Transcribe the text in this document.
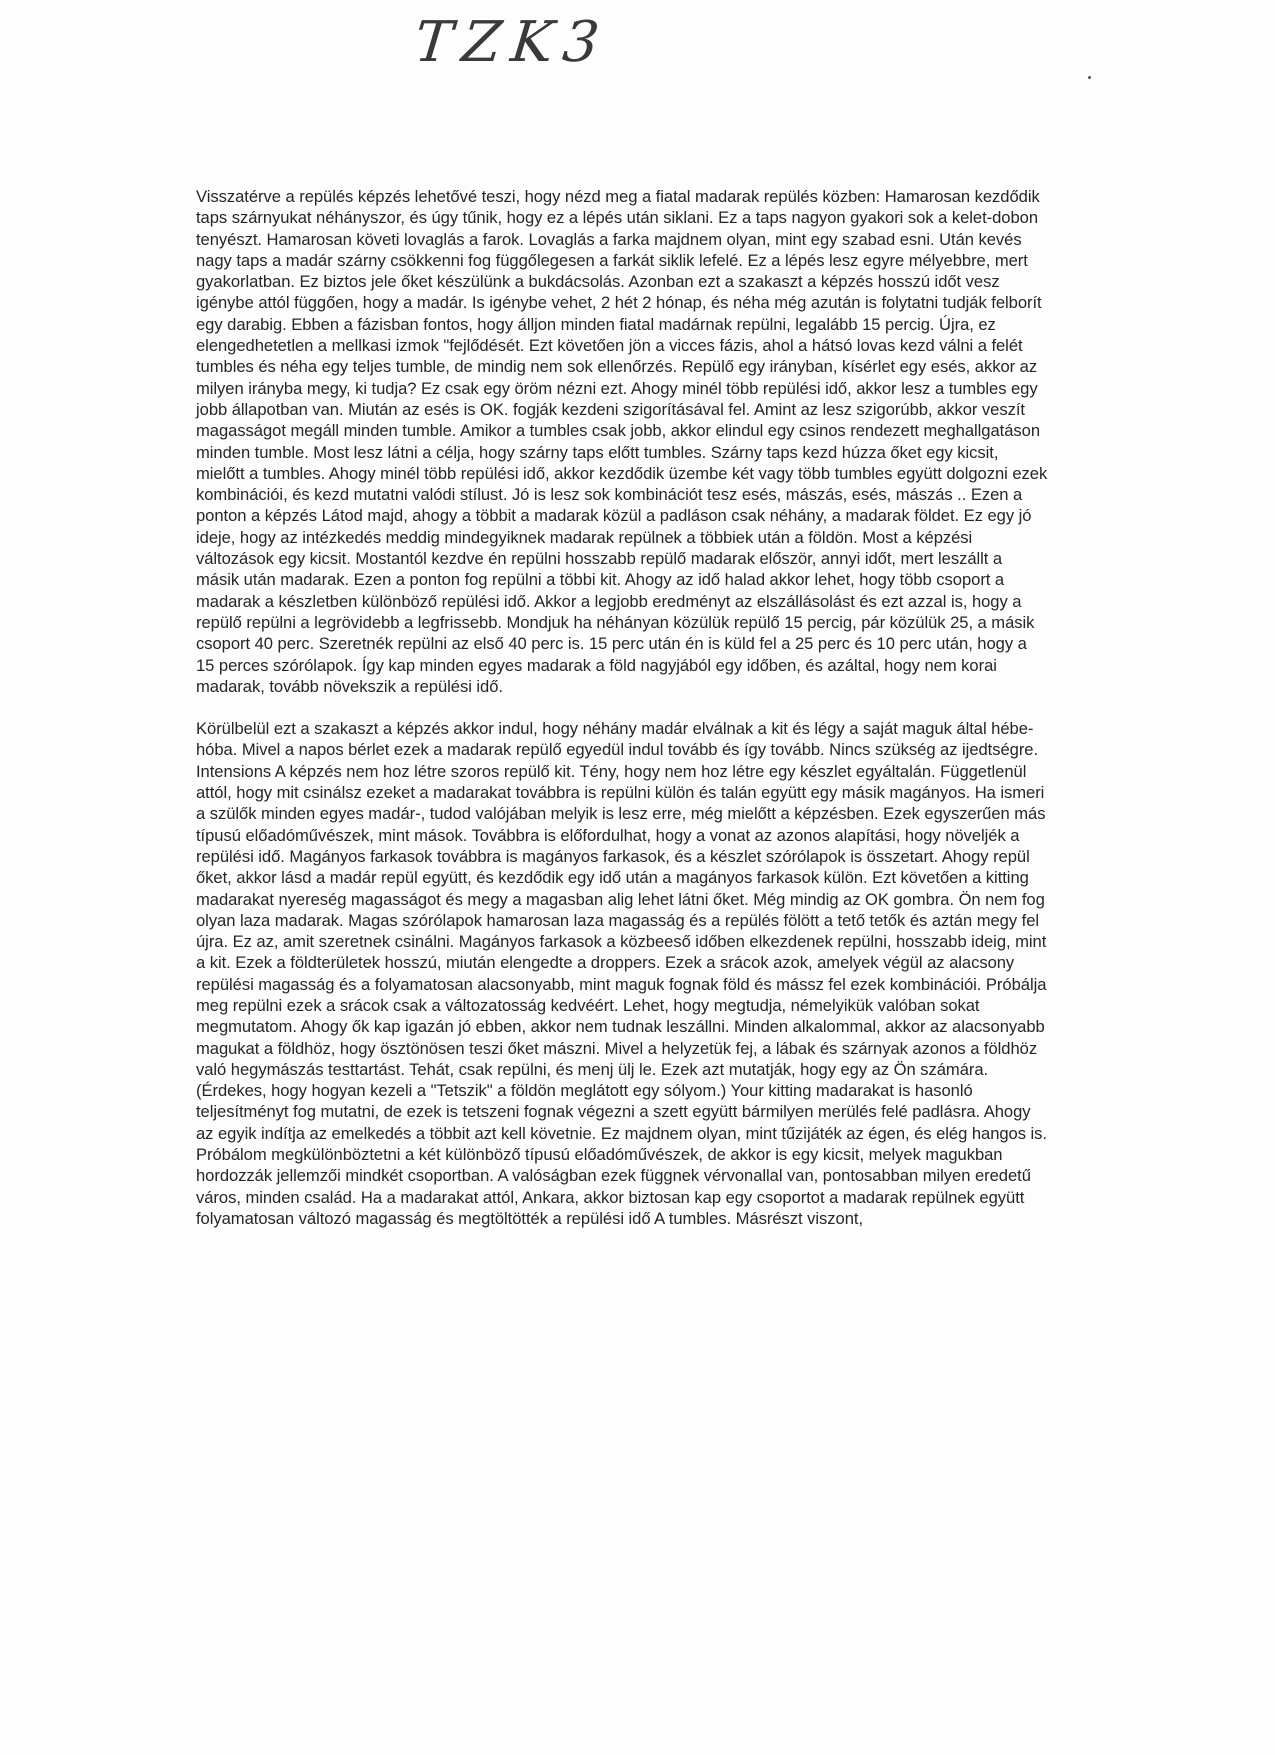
TZK3

Visszatérve a repülés képzés lehetővé teszi, hogy nézd meg a fiatal madarak repülés közben: Hamarosan kezdődik taps szárnyukat néhányszor, és úgy tűnik, hogy ez a lépés után siklani. Ez a taps nagyon gyakori sok a kelet-dobon tenyészt. Hamarosan követi lovaglás a farok. Lovaglás a farka majdnem olyan, mint egy szabad esni. Után kevés nagy taps a madár szárny csökkenni fog függőlegesen a farkát siklik lefelé. Ez a lépés lesz egyre mélyebbre, mert gyakorlatban. Ez biztos jele őket készülünk a bukdácsolás. Azonban ezt a szakaszt a képzés hosszú időt vesz igénybe attól függően, hogy a madár. Is igénybe vehet, 2 hét 2 hónap, és néha még azután is folytatni tudják felborít egy darabig. Ebben a fázisban fontos, hogy álljon minden fiatal madárnak repülni, legalább 15 percig. Újra, ez elengedhetetlen a mellkasi izmok "fejlődését. Ezt követően jön a vicces fázis, ahol a hátsó lovas kezd válni a felét tumbles és néha egy teljes tumble, de mindig nem sok ellenőrzés. Repülő egy irányban, kísérlet egy esés, akkor az milyen irányba megy, ki tudja? Ez csak egy öröm nézni ezt. Ahogy minél több repülési idő, akkor lesz a tumbles egy jobb állapotban van. Miután az esés is OK. fogják kezdeni szigorításával fel. Amint az lesz szigorúbb, akkor veszít magasságot megáll minden tumble. Amikor a tumbles csak jobb, akkor elindul egy csinos rendezett meghallgatáson minden tumble. Most lesz látni a célja, hogy szárny taps előtt tumbles. Szárny taps kezd húzza őket egy kicsit, mielőtt a tumbles. Ahogy minél több repülési idő, akkor kezdődik üzembe két vagy több tumbles együtt dolgozni ezek kombinációi, és kezd mutatni valódi stílust. Jó is lesz sok kombinációt tesz esés, mászás, esés, mászás .. Ezen a ponton a képzés Látod majd, ahogy a többit a madarak közül a padláson csak néhány, a madarak földet. Ez egy jó ideje, hogy az intézkedés meddig mindegyiknek madarak repülnek a többiek után a földön. Most a képzési változások egy kicsit. Mostantól kezdve én repülni hosszabb repülő madarak először, annyi időt, mert leszállt a másik után madarak. Ezen a ponton fog repülni a többi kit. Ahogy az idő halad akkor lehet, hogy több csoport a madarak a készletben különböző repülési idő. Akkor a legjobb eredményt az elszállásolást és ezt azzal is, hogy a repülő repülni a legrövidebb a legfrissebb. Mondjuk ha néhányan közülük repülő 15 percig, pár közülük 25, a másik csoport 40 perc. Szeretnék repülni az első 40 perc is. 15 perc után én is küld fel a 25 perc és 10 perc után, hogy a 15 perces szórólapok. Így kap minden egyes madarak a föld nagyjából egy időben, és azáltal, hogy nem korai madarak, tovább növekszik a repülési idő.

Körülbelül ezt a szakaszt a képzés akkor indul, hogy néhány madár elválnak a kit és légy a saját maguk által hébe-hóba. Mivel a napos bérlet ezek a madarak repülő egyedül indul tovább és így tovább. Nincs szükség az ijedtségre. Intensions A képzés nem hoz létre szoros repülő kit. Tény, hogy nem hoz létre egy készlet egyáltalán. Függetlenül attól, hogy mit csinálsz ezeket a madarakat továbbra is repülni külön és talán együtt egy másik magányos. Ha ismeri a szülők minden egyes madár-, tudod valójában melyik is lesz erre, még mielőtt a képzésben. Ezek egyszerűen más típusú előadóművészek, mint mások. Továbbra is előfordulhat, hogy a vonat az azonos alapítási, hogy növeljék a repülési idő. Magányos farkasok továbbra is magányos farkasok, és a készlet szórólapok is összetart. Ahogy repül őket, akkor lásd a madár repül együtt, és kezdődik egy idő után a magányos farkasok külön. Ezt követően a kitting madarakat nyereség magasságot és megy a magasban alig lehet látni őket. Még mindig az OK gombra. Ön nem fog olyan laza madarak. Magas szórólapok hamarosan laza magasság és a repülés fölött a tető tetők és aztán megy fel újra. Ez az, amit szeretnek csinálni. Magányos farkasok a közbeeső időben elkezdenek repülni, hosszabb ideig, mint a kit. Ezek a földterületek hosszú, miután elengedte a droppers. Ezek a srácok azok, amelyek végül az alacsony repülési magasság és a folyamatosan alacsonyabb, mint maguk fognak föld és mássz fel ezek kombinációi. Próbálja meg repülni ezek a srácok csak a változatosság kedvéért. Lehet, hogy megtudja, némelyikük valóban sokat megmutatom. Ahogy ők kap igazán jó ebben, akkor nem tudnak leszállni. Minden alkalommal, akkor az alacsonyabb magukat a földhöz, hogy ösztönösen teszi őket mászni. Mivel a helyzetük fej, a lábak és szárnyak azonos a földhöz való hegymászás testtartást. Tehát, csak repülni, és menj ülj le. Ezek azt mutatják, hogy egy az Ön számára. (Érdekes, hogy hogyan kezeli a "Tetszik" a földön meglátott egy sólyom.) Your kitting madarakat is hasonló teljesítményt fog mutatni, de ezek is tetszeni fognak végezni a szett együtt bármilyen merülés felé padlásra. Ahogy az egyik indítja az emelkedés a többit azt kell követnie. Ez majdnem olyan, mint tűzijáték az égen, és elég hangos is. Próbálom megkülönböztetni a két különböző típusú előadóművészek, de akkor is egy kicsit, melyek magukban hordozzák jellemzői mindkét csoportban. A valóságban ezek függnek vérvonallal van, pontosabban milyen eredetű város, minden család. Ha a madarakat attól, Ankara, akkor biztosan kap egy csoportot a madarak repülnek együtt folyamatosan változó magasság és megtöltötték a repülési idő A tumbles. Másrészt viszont,
